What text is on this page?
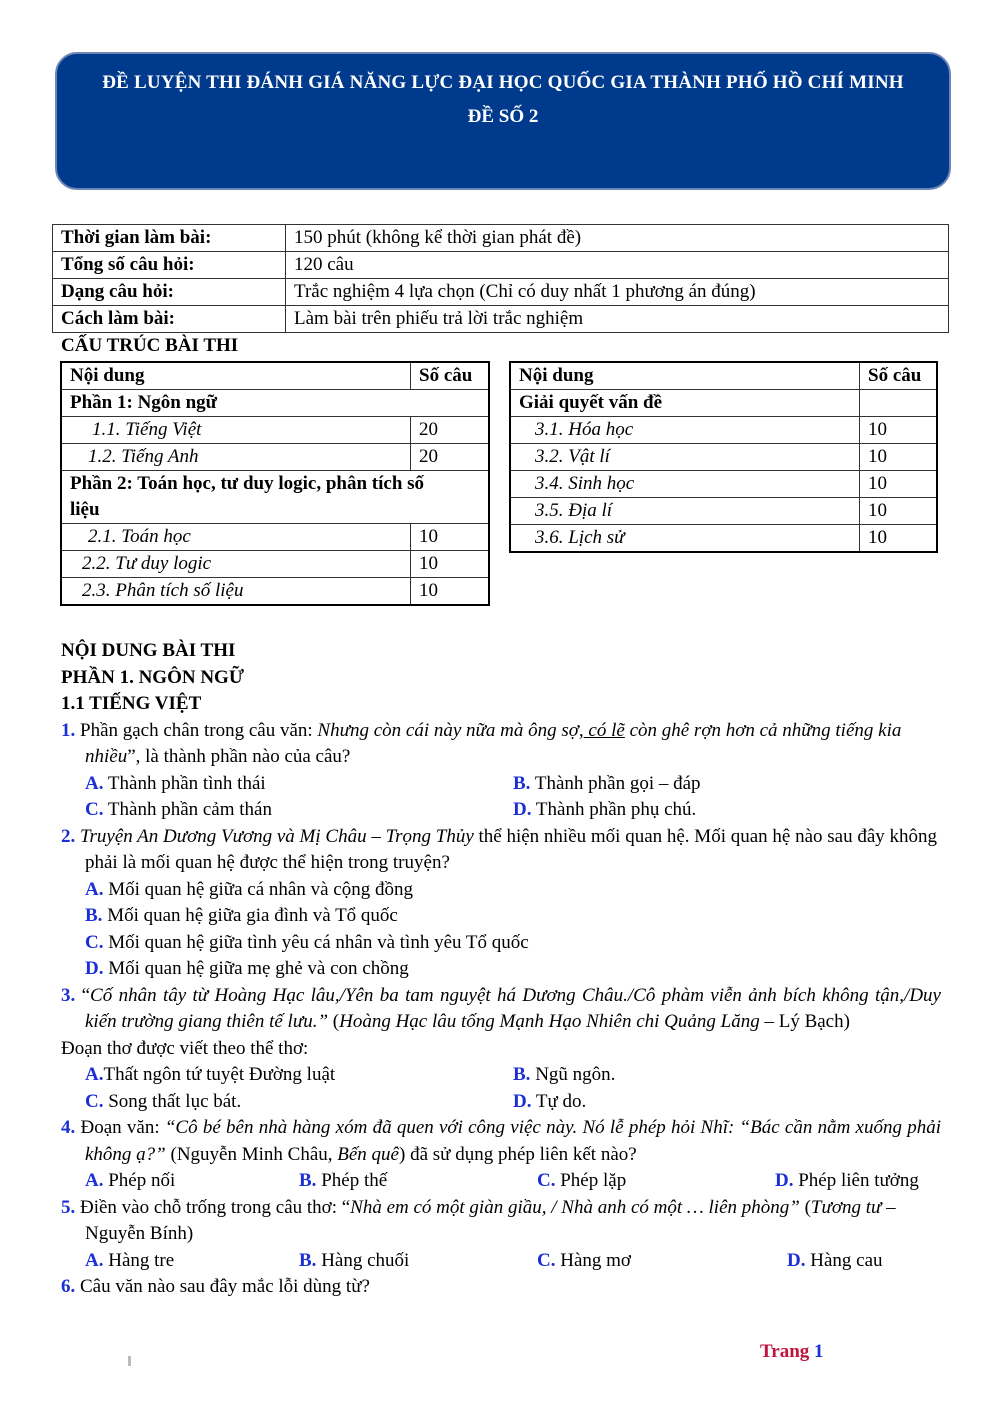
ĐỀ LUYỆN THI ĐÁNH GIÁ NĂNG LỰC ĐẠI HỌC QUỐC GIA THÀNH PHỐ HỒ CHÍ MINH
ĐỀ SỐ 2
Thời gian làm bài:	150 phút (không kể thời gian phát đề)
Tổng số câu hỏi:	120 câu
Dạng câu hỏi:	Trắc nghiệm 4 lựa chọn (Chỉ có duy nhất 1 phương án đúng)
Cách làm bài:	Làm bài trên phiếu trả lời trắc nghiệm
CẤU TRÚC BÀI THI
Nội dung	Số câu
Phần 1: Ngôn ngữ	
1.1. Tiếng Việt	20
1.2. Tiếng Anh	20
Phần 2: Toán học, tư duy logic, phân tích số	
liệu	
2.1. Toán học	10
2.2. Tư duy logic	10
2.3. Phân tích số liệu	10
Nội dung	Số câu
Giải quyết vấn đề	
3.1. Hóa học	10
3.2. Vật lí	10
3.4. Sinh học	10
3.5. Địa lí	10
3.6. Lịch sử	10
NỘI DUNG BÀI THI
PHẦN 1. NGÔN NGỮ
1.1 TIẾNG VIỆT
1. Phần gạch chân trong câu văn: Nhưng còn cái này nữa mà ông sợ, có lẽ còn ghê rợn hơn cả những tiếng kia nhiều”, là thành phần nào của câu?
A. Thành phần tình thái	B. Thành phần gọi – đáp
C. Thành phần cảm thán	D. Thành phần phụ chú.
2. Truyện An Dương Vương và Mị Châu – Trọng Thủy thể hiện nhiều mối quan hệ. Mối quan hệ nào sau đây không phải là mối quan hệ được thể hiện trong truyện?
A. Mối quan hệ giữa cá nhân và cộng đồng
B. Mối quan hệ giữa gia đình và Tổ quốc
C. Mối quan hệ giữa tình yêu cá nhân và tình yêu Tổ quốc
D. Mối quan hệ giữa mẹ ghẻ và con chồng
3. “Cố nhân tây từ Hoàng Hạc lâu,/Yên ba tam nguyệt há Dương Châu./Cô phàm viễn ảnh bích không tận,/Duy kiến trường giang thiên tế lưu.” (Hoàng Hạc lâu tống Mạnh Hạo Nhiên chi Quảng Lăng – Lý Bạch)
Đoạn thơ được viết theo thể thơ:
A.Thất ngôn tứ tuyệt Đường luật	B. Ngũ ngôn.
C. Song thất lục bát.	D. Tự do.
4. Đoạn văn: “Cô bé bên nhà hàng xóm đã quen với công việc này. Nó lễ phép hỏi Nhĩ: “Bác cần nằm xuống phải không ạ?” (Nguyễn Minh Châu, Bến quê) đã sử dụng phép liên kết nào?
A. Phép nối	B. Phép thế	C. Phép lặp	D. Phép liên tưởng
5. Điền vào chỗ trống trong câu thơ: “Nhà em có một giàn giầu, / Nhà anh có một … liên phòng” (Tương tư – Nguyễn Bính)
A. Hàng tre	B. Hàng chuối	C. Hàng mơ	D. Hàng cau
6. Câu văn nào sau đây mắc lỗi dùng từ?
Trang 1
